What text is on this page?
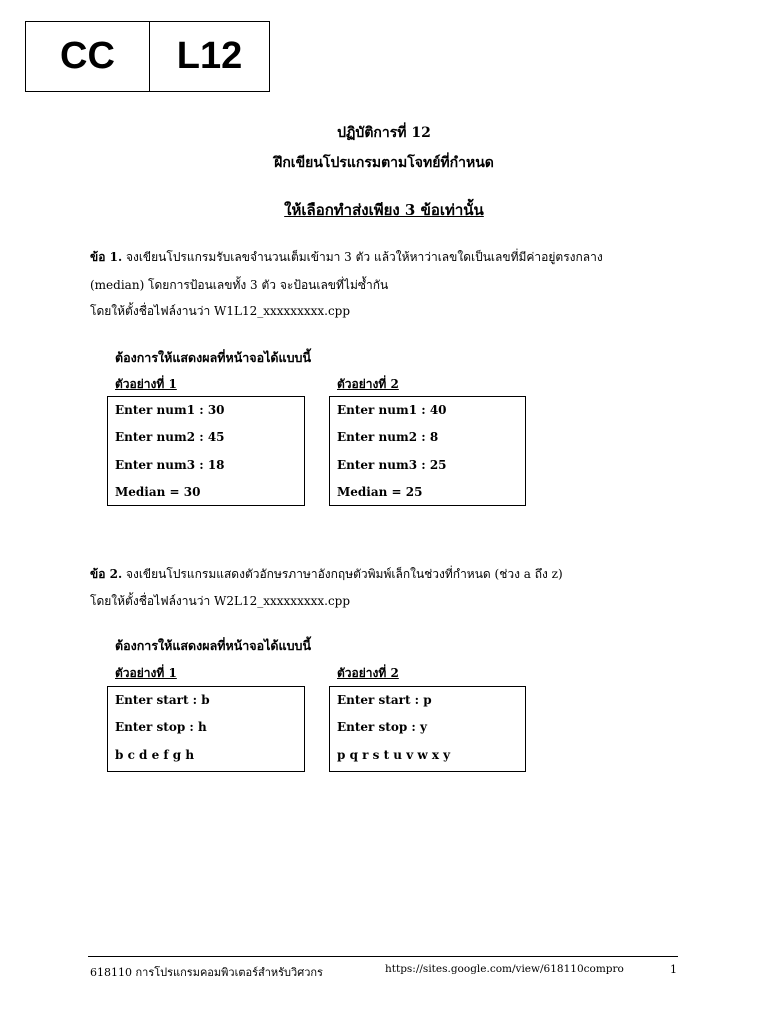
CC	L12
ปฏิบัติการที่ 12
ฝึกเขียนโปรแกรมตามโจทย์ที่กำหนด
ให้เลือกทำส่งเพียง 3 ข้อเท่านั้น
ข้อ 1. จงเขียนโปรแกรมรับเลขจำนวนเต็มเข้ามา 3 ตัว แล้วให้หาว่าเลขใดเป็นเลขที่มีค่าอยู่ตรงกลาง
(median) โดยการป้อนเลขทั้ง 3 ตัว จะป้อนเลขที่ไม่ซ้ำกัน
โดยให้ตั้งชื่อไฟล์งานว่า W1L12_xxxxxxxxx.cpp
ต้องการให้แสดงผลที่หน้าจอได้แบบนี้
ตัวอย่างที่ 1	ตัวอย่างที่ 2
Enter num1 : 30
Enter num2 : 45
Enter num3 : 18
Median = 30
Enter num1 : 40
Enter num2 : 8
Enter num3 : 25
Median = 25
ข้อ 2. จงเขียนโปรแกรมแสดงตัวอักษรภาษาอังกฤษตัวพิมพ์เล็กในช่วงที่กำหนด (ช่วง a ถึง z)
โดยให้ตั้งชื่อไฟล์งานว่า W2L12_xxxxxxxxx.cpp
ต้องการให้แสดงผลที่หน้าจอได้แบบนี้
ตัวอย่างที่ 1	ตัวอย่างที่ 2
Enter start : b
Enter stop : h
b c d e f g h
Enter start : p
Enter stop : y
p q r s t u v w x y
618110 การโปรแกรมคอมพิวเตอร์สำหรับวิศวกร	https://sites.google.com/view/618110compro	1
